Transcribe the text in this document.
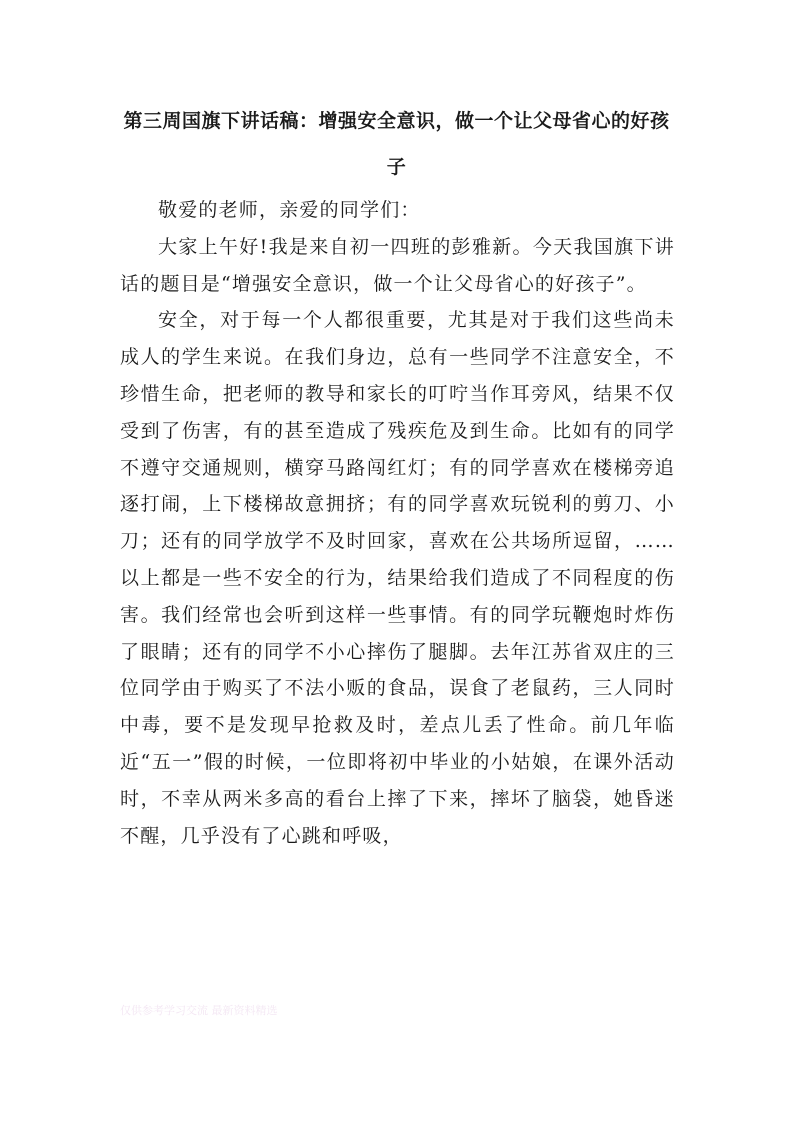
第三周国旗下讲话稿：增强安全意识，做一个让父母省心的好孩子

敬爱的老师，亲爱的同学们：

大家上午好!我是来自初一四班的彭雅新。今天我国旗下讲话的题目是“增强安全意识，做一个让父母省心的好孩子”。

安全，对于每一个人都很重要，尤其是对于我们这些尚未成人的学生来说。在我们身边，总有一些同学不注意安全，不珍惜生命，把老师的教导和家长的叮咛当作耳旁风，结果不仅受到了伤害，有的甚至造成了残疾危及到生命。比如有的同学不遵守交通规则，横穿马路闯红灯；有的同学喜欢在楼梯旁追逐打闹，上下楼梯故意拥挤；有的同学喜欢玩锐利的剪刀、小刀；还有的同学放学不及时回家，喜欢在公共场所逗留，……以上都是一些不安全的行为，结果给我们造成了不同程度的伤害。我们经常也会听到这样一些事情。有的同学玩鞭炮时炸伤了眼睛；还有的同学不小心摔伤了腿脚。去年江苏省双庄的三位同学由于购买了不法小贩的食品，误食了老鼠药，三人同时中毒，要不是发现早抢救及时，差点儿丢了性命。前几年临近“五一”假的时候，一位即将初中毕业的小姑娘，在课外活动时，不幸从两米多高的看台上摔了下来，摔坏了脑袋，她昏迷不醒，几乎没有了心跳和呼吸，

仅供参考学习交流 最新资料精选
